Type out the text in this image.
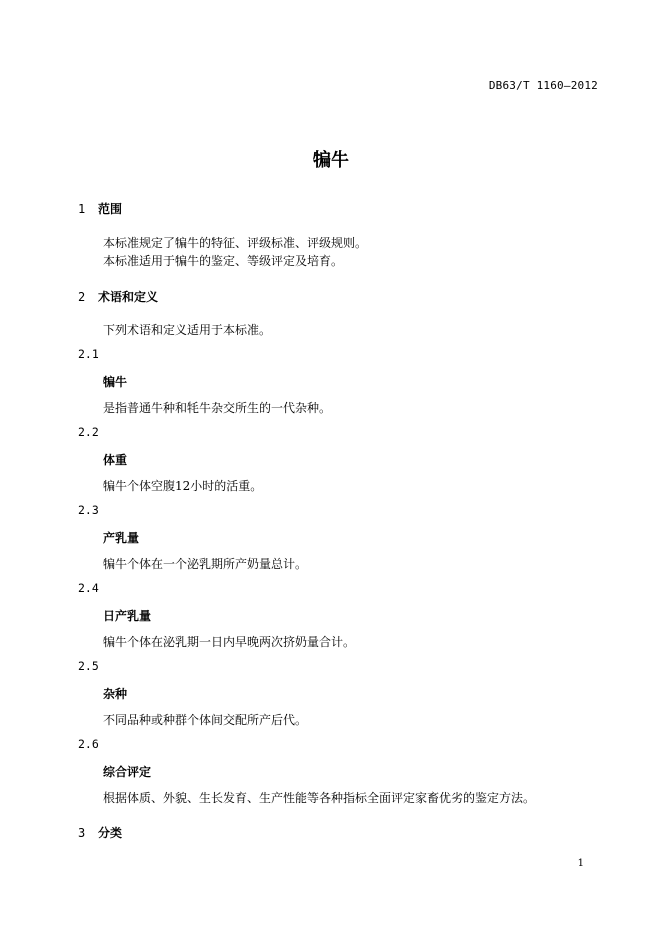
DB63/T 1160—2012
犏牛
1 范围
本标准规定了犏牛的特征、评级标准、评级规则。
本标准适用于犏牛的鉴定、等级评定及培育。
2 术语和定义
下列术语和定义适用于本标准。
2.1
犏牛
是指普通牛种和牦牛杂交所生的一代杂种。
2.2
体重
犏牛个体空腹12小时的活重。
2.3
产乳量
犏牛个体在一个泌乳期所产奶量总计。
2.4
日产乳量
犏牛个体在泌乳期一日内早晚两次挤奶量合计。
2.5
杂种
不同品种或种群个体间交配所产后代。
2.6
综合评定
根据体质、外貌、生长发育、生产性能等各种指标全面评定家畜优劣的鉴定方法。
3 分类
1
